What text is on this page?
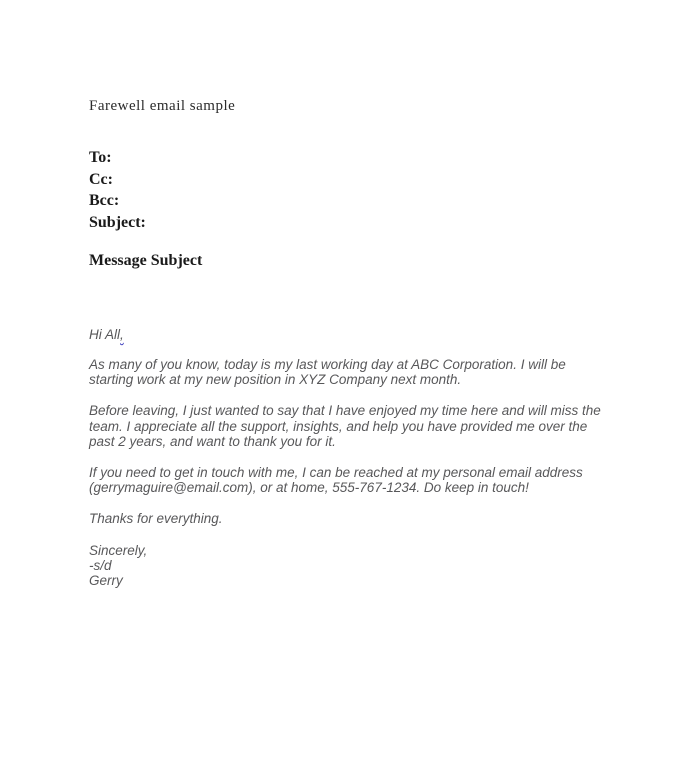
Farewell email sample
To:
Cc:
Bcc:
Subject:
Message Subject
Hi All,

As many of you know, today is my last working day at ABC Corporation. I will be starting work at my new position in XYZ Company next month.

Before leaving, I just wanted to say that I have enjoyed my time here and will miss the team. I appreciate all the support, insights, and help you have provided me over the past 2 years, and want to thank you for it.

If you need to get in touch with me, I can be reached at my personal email address (gerrymaguire@email.com), or at home, 555-767-1234. Do keep in touch!

Thanks for everything.

Sincerely,
-s/d
Gerry
